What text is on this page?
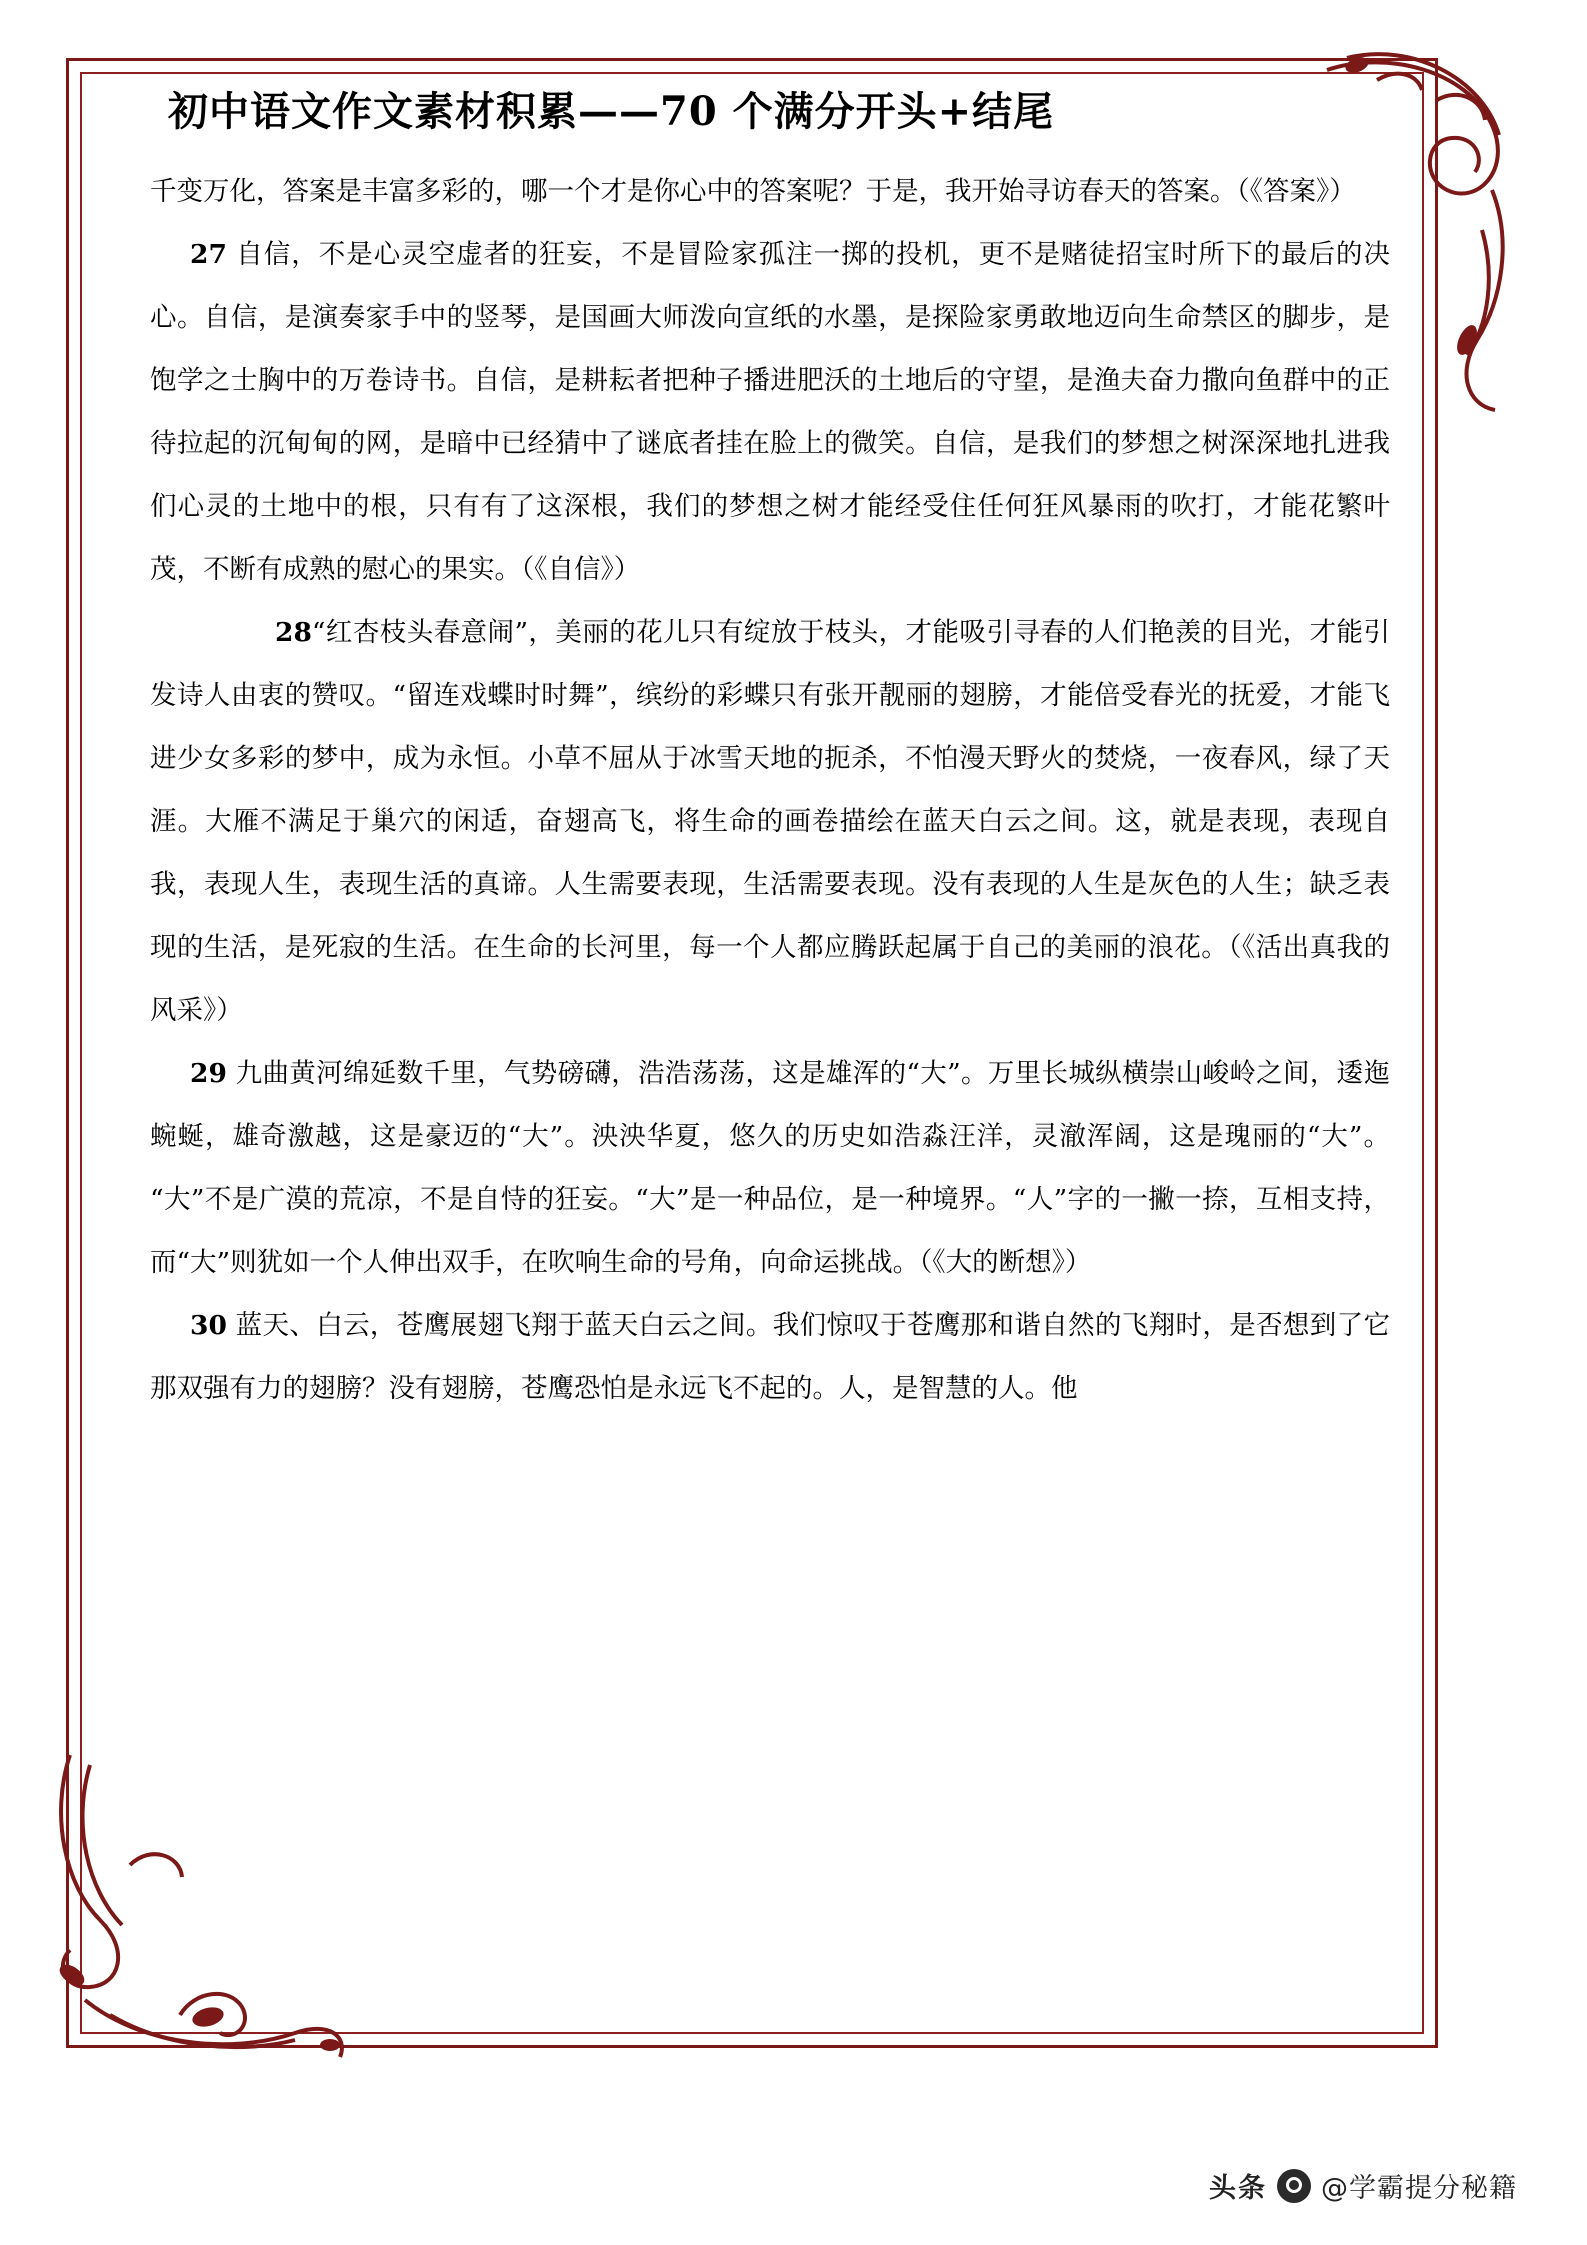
初中语文作文素材积累——70 个满分开头+结尾

千变万化，答案是丰富多彩的，哪一个才是你心中的答案呢？于是，我开始寻访春天的答案。（《答案》）

27 自信，不是心灵空虚者的狂妄，不是冒险家孤注一掷的投机，更不是赌徒招宝时所下的最后的决心。自信，是演奏家手中的竖琴，是国画大师泼向宣纸的水墨，是探险家勇敢地迈向生命禁区的脚步，是饱学之士胸中的万卷诗书。自信，是耕耘者把种子播进肥沃的土地后的守望，是渔夫奋力撒向鱼群中的正待拉起的沉甸甸的网，是暗中已经猜中了谜底者挂在脸上的微笑。自信，是我们的梦想之树深深地扎进我们心灵的土地中的根，只有有了这深根，我们的梦想之树才能经受住任何狂风暴雨的吹打，才能花繁叶茂，不断有成熟的慰心的果实。（《自信》）

28“红杏枝头春意闹”，美丽的花儿只有绽放于枝头，才能吸引寻春的人们艳羡的目光，才能引发诗人由衷的赞叹。“留连戏蝶时时舞”，缤纷的彩蝶只有张开靓丽的翅膀，才能倍受春光的抚爱，才能飞进少女多彩的梦中，成为永恒。小草不屈从于冰雪天地的扼杀，不怕漫天野火的焚烧，一夜春风，绿了天涯。大雁不满足于巢穴的闲适，奋翅高飞，将生命的画卷描绘在蓝天白云之间。这，就是表现，表现自我，表现人生，表现生活的真谛。人生需要表现，生活需要表现。没有表现的人生是灰色的人生；缺乏表现的生活，是死寂的生活。在生命的长河里，每一个人都应腾跃起属于自己的美丽的浪花。（《活出真我的风采》）

29 九曲黄河绵延数千里，气势磅礴，浩浩荡荡，这是雄浑的“大”。万里长城纵横崇山峻岭之间，逶迤蜿蜒，雄奇激越，这是豪迈的“大”。泱泱华夏，悠久的历史如浩淼汪洋，灵澈浑阔，这是瑰丽的“大”。“大”不是广漠的荒凉，不是自恃的狂妄。“大”是一种品位，是一种境界。“人”字的一撇一捺，互相支持，而“大”则犹如一个人伸出双手，在吹响生命的号角，向命运挑战。（《大的断想》）

30 蓝天、白云，苍鹰展翅飞翔于蓝天白云之间。我们惊叹于苍鹰那和谐自然的飞翔时，是否想到了它那双强有力的翅膀？没有翅膀，苍鹰恐怕是永远飞不起的。人，是智慧的人。他

头条 @学霸提分秘籍
